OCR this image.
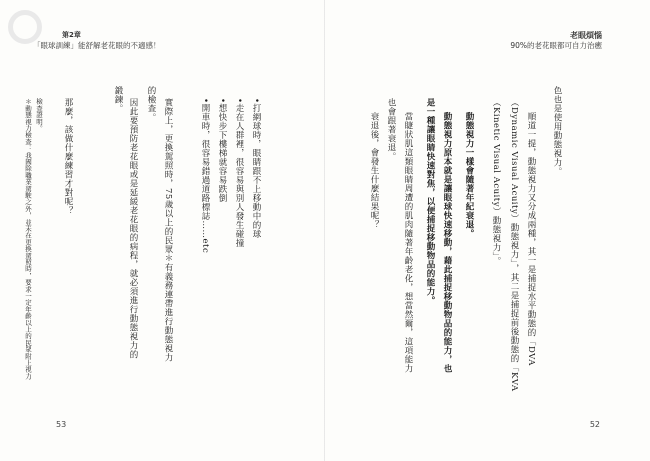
第2章
「眼球訓練」能舒解老花眼的不適感！
＊動態視力檢查：我國除職業駕駛之外，並未在更換駕照時，要求一定年齡以上的民眾附上視力 檢查證明。 那麼，該做什麼練習才對呢？	鍛鍊。 因此要預防老花眼或是延緩老花眼的病程，就必須進行動態視力的 的檢查。 實際上，更換駕照時，75歲以上的民眾＊有義務連帶進行動態視力	•開車時，很容易錯過道路標誌……etc •想快步下樓梯就容易跌倒 •走在人群裡，很容易與別人發生碰撞 •打網球時，眼睛跟不上移動中的球
53
老眼煩惱
90%的老花眼都可自力治癒
衰退後，會發生什麼結果呢？ 也會跟著衰退。 當睫狀肌這類眼睛周遭的肌肉隨著年齡老化，想當然爾，這項能力 是一種讓眼睛快速對焦，以便捕捉移動物品的能力。 動態視力原本就是讓眼球快速移動，藉此捕捉移動物品的能力，也 動態視力一樣會隨著年紀衰退。 （Kinetic Visual Acuity）動態視力」。 （Dynamic Visual Acuity）動態視力」，其二是捕捉前後動態的「KVA 順道一提，動態視力又分成兩種，其一是捕捉水平動態的「DVA 色也是使用動態視力。
52
